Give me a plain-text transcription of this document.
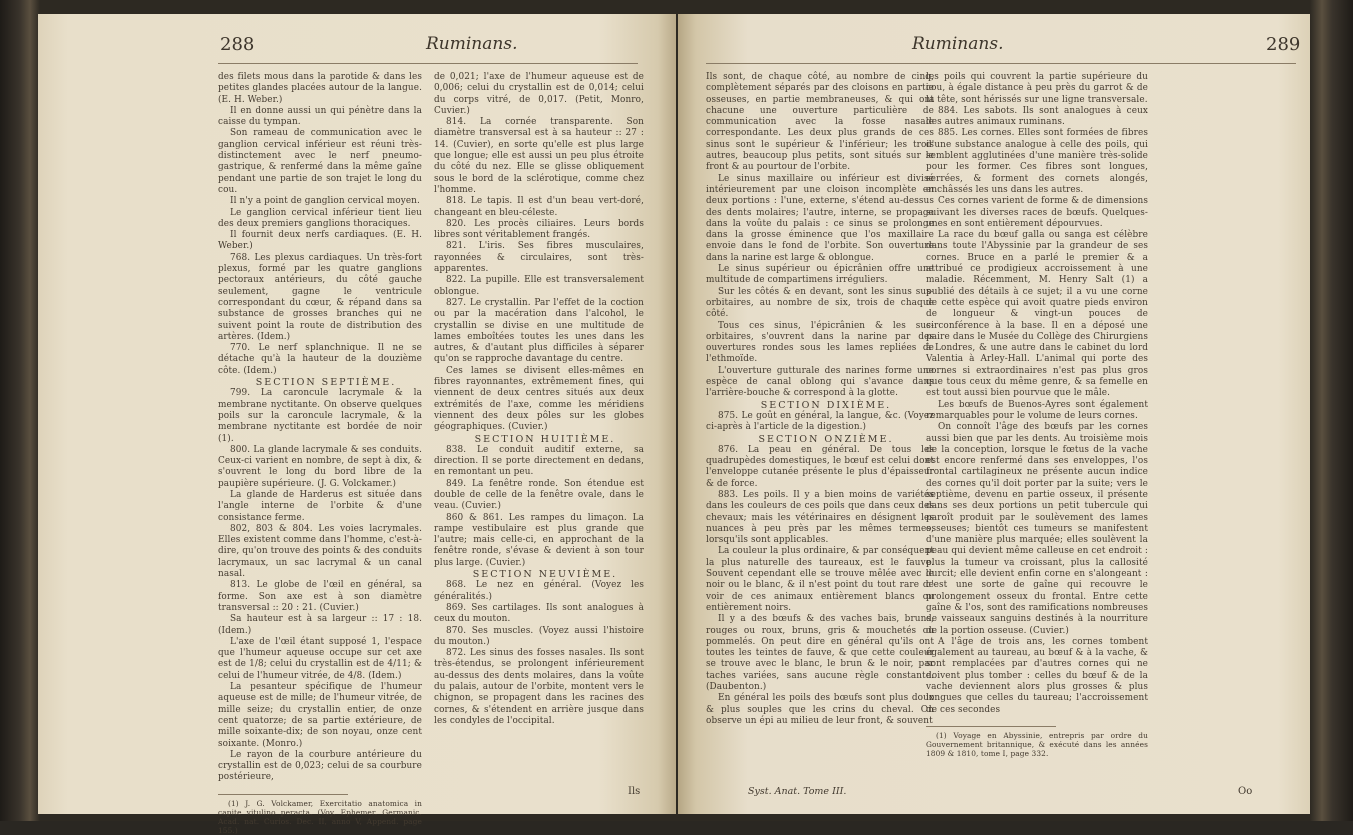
288	Ruminans.

des filets mous dans la parotide & dans les petites glandes placées autour de la langue. (E. H. Weber.)

Il en donne aussi un qui pénètre dans la caisse du tympan.

Son rameau de communication avec le ganglion cervical inférieur est réuni très-distinctement avec le nerf pneumo-gastrique, & renfermé dans la même gaîne pendant une partie de son trajet le long du cou.

Il n'y a point de ganglion cervical moyen.

Le ganglion cervical inférieur tient lieu des deux premiers ganglions thoraciques.

Il fournit deux nerfs cardiaques. (E. H. Weber.)

768. Les plexus cardiaques. Un très-fort plexus, formé par les quatre ganglions pectoraux antérieurs, du côté gauche seulement, gagne le ventricule correspondant du cœur, & répand dans sa substance de grosses branches qui ne suivent point la route de distribution des artères. (Idem.)

770. Le nerf splanchnique. Il ne se détache qu'à la hauteur de la douzième côte. (Idem.)

SECTION SEPTIÈME.

799. La caroncule lacrymale & la membrane nyctitante. On observe quelques poils sur la caroncule lacrymale, & la membrane nyctitante est bordée de noir (1).

800. La glande lacrymale & ses conduits. Ceux-ci varient en nombre, de sept à dix, & s'ouvrent le long du bord libre de la paupière supérieure. (J. G. Volckamer.)

La glande de Harderus est située dans l'angle interne de l'orbite & d'une consistance ferme.

802, 803 & 804. Les voies lacrymales. Elles existent comme dans l'homme, c'est-à-dire, qu'on trouve des points & des conduits lacrymaux, un sac lacrymal & un canal nasal.

813. Le globe de l'œil en général, sa forme. Son axe est à son diamètre transversal :: 20 : 21. (Cuvier.)

Sa hauteur est à sa largeur :: 17 : 18. (Idem.)

L'axe de l'œil étant supposé 1, l'espace que l'humeur aqueuse occupe sur cet axe est de 1/8; celui du crystallin est de 4/11; & celui de l'humeur vitrée, de 4/8. (Idem.)

La pesanteur spécifique de l'humeur aqueuse est de mille; de l'humeur vitrée, de mille seize; du crystallin entier, de onze cent quatorze; de sa partie extérieure, de mille soixante-dix; de son noyau, onze cent soixante. (Monro.)

Le rayon de la courbure antérieure du crystallin est de 0,023; celui de sa courbure postérieure,

(1) J. G. Volckamer, Exercitatio anatomica in capite vitulino peracta. (Voy. Ephemer. Germanic. Acad. nat. Curios. Dec. II, anno V, Append. page 155.)

de 0,021; l'axe de l'humeur aqueuse est de 0,006; celui du crystallin est de 0,014; celui du corps vitré, de 0,017. (Petit, Monro, Cuvier.)

814. La cornée transparente. Son diamètre transversal est à sa hauteur :: 27 : 14. (Cuvier), en sorte qu'elle est plus large que longue; elle est aussi un peu plus étroite du côté du nez. Elle se glisse obliquement sous le bord de la sclérotique, comme chez l'homme.

818. Le tapis. Il est d'un beau vert-doré, changeant en bleu-céleste.

820. Les procès ciliaires. Leurs bords libres sont véritablement frangés.

821. L'iris. Ses fibres musculaires, rayonnées & circulaires, sont très-apparentes.

822. La pupille. Elle est transversalement oblongue.

827. Le crystallin. Par l'effet de la coction ou par la macération dans l'alcohol, le crystallin se divise en une multitude de lames emboîtées toutes les unes dans les autres, & d'autant plus difficiles à séparer qu'on se rapproche davantage du centre.

Ces lames se divisent elles-mêmes en fibres rayonnantes, extrêmement fines, qui viennent de deux centres situés aux deux extrémités de l'axe, comme les méridiens viennent des deux pôles sur les globes géographiques. (Cuvier.)

SECTION HUITIÈME.

838. Le conduit auditif externe, sa direction. Il se porte directement en dedans, en remontant un peu.

849. La fenêtre ronde. Son étendue est double de celle de la fenêtre ovale, dans le veau. (Cuvier.)

860 & 861. Les rampes du limaçon. La rampe vestibulaire est plus grande que l'autre; mais celle-ci, en approchant de la fenêtre ronde, s'évase & devient à son tour plus large. (Cuvier.)

SECTION NEUVIÈME.

868. Le nez en général. (Voyez les généralités.)

869. Ses cartilages. Ils sont analogues à ceux du mouton.

870. Ses muscles. (Voyez aussi l'histoire du mouton.)

872. Les sinus des fosses nasales. Ils sont très-étendus, se prolongent inférieurement au-dessus des dents molaires, dans la voûte du palais, autour de l'orbite, montent vers le chignon, se propagent dans les racines des cornes, & s'étendent en arrière jusque dans les condyles de l'occipital.

Ils
Ruminans.	289

Ils sont, de chaque côté, au nombre de cinq, complètement séparés par des cloisons en partie osseuses, en partie membraneuses, & qui ont chacune une ouverture particulière de communication avec la fosse nasale correspondante. Les deux plus grands de ces sinus sont le supérieur & l'inférieur; les trois autres, beaucoup plus petits, sont situés sur le front & au pourtour de l'orbite.

Le sinus maxillaire ou inférieur est divisé intérieurement par une cloison incomplète en deux portions : l'une, externe, s'étend au-dessus des dents molaires; l'autre, interne, se propage dans la voûte du palais : ce sinus se prolonge dans la grosse éminence que l'os maxillaire envoie dans le fond de l'orbite. Son ouverture dans la narine est large & oblongue.

Le sinus supérieur ou épicrânien offre une multitude de compartimens irréguliers.

Sur les côtés & en devant, sont les sinus sus-orbitaires, au nombre de six, trois de chaque côté.

Tous ces sinus, l'épicrânien & les sus-orbitaires, s'ouvrent dans la narine par des ouvertures rondes sous les lames repliées de l'ethmoïde.

L'ouverture gutturale des narines forme une espèce de canal oblong qui s'avance dans l'arrière-bouche & correspond à la glotte.

SECTION DIXIÈME.

875. Le goût en général, la langue, &c. (Voyez ci-après à l'article de la digestion.)

SECTION ONZIÈME.

876. La peau en général. De tous les quadrupèdes domestiques, le bœuf est celui dont l'enveloppe cutanée présente le plus d'épaisseur & de force.

883. Les poils. Il y a bien moins de variétés dans les couleurs de ces poils que dans ceux des chevaux; mais les vétérinaires en désignent les nuances à peu près par les mêmes termes, lorsqu'ils sont applicables.

La couleur la plus ordinaire, & par conséquent la plus naturelle des taureaux, est le fauve. Souvent cependant elle se trouve mêlée avec le noir ou le blanc, & il n'est point du tout rare de voir de ces animaux entièrement blancs ou entièrement noirs.

Il y a des bœufs & des vaches bais, bruns, rouges ou roux, bruns, gris & mouchetés ou pommelés. On peut dire en général qu'ils ont toutes les teintes de fauve, & que cette couleur se trouve avec le blanc, le brun & le noir, par taches variées, sans aucune règle constante. (Daubenton.)

En général les poils des bœufs sont plus doux & plus souples que les crins du cheval. On observe un épi au milieu de leur front, & souvent

les poils qui couvrent la partie supérieure du cou, à égale distance à peu près du garrot & de la tête, sont hérissés sur une ligne transversale.

884. Les sabots. Ils sont analogues à ceux des autres animaux ruminans.

885. Les cornes. Elles sont formées de fibres d'une substance analogue à celle des poils, qui semblent agglutinées d'une manière très-solide pour les former. Ces fibres sont longues, serrées, & forment des cornets alongés, enchâssés les uns dans les autres.

Ces cornes varient de forme & de dimensions suivant les diverses races de bœufs. Quelques-unes en sont entièrement dépourvues.

La race du bœuf galla ou sanga est célèbre dans toute l'Abyssinie par la grandeur de ses cornes. Bruce en a parlé le premier & a attribué ce prodigieux accroissement à une maladie. Récemment, M. Henry Salt (1) a publié des détails à ce sujet; il a vu une corne de cette espèce qui avoit quatre pieds environ de longueur & vingt-un pouces de circonférence à la base. Il en a déposé une paire dans le Musée du Collège des Chirurgiens à Londres, & une autre dans le cabinet du lord Valentia à Arley-Hall. L'animal qui porte des cornes si extraordinaires n'est pas plus gros que tous ceux du même genre, & sa femelle en est tout aussi bien pourvue que le mâle.

Les bœufs de Buenos-Ayres sont également remarquables pour le volume de leurs cornes.

On connoît l'âge des bœufs par les cornes aussi bien que par les dents. Au troisième mois de la conception, lorsque le fœtus de la vache est encore renfermé dans ses enveloppes, l'os frontal cartilagineux ne présente aucun indice des cornes qu'il doit porter par la suite; vers le septième, devenu en partie osseux, il présente dans ses deux portions un petit tubercule qui paroît produit par le soulèvement des lames osseuses; bientôt ces tumeurs se manifestent d'une manière plus marquée; elles soulèvent la peau qui devient même calleuse en cet endroit : plus la tumeur va croissant, plus la callosité durcit; elle devient enfin corne en s'alongeant : c'est une sorte de gaîne qui recouvre le prolongement osseux du frontal. Entre cette gaîne & l'os, sont des ramifications nombreuses de vaisseaux sanguins destinés à la nourriture de la portion osseuse. (Cuvier.)

A l'âge de trois ans, les cornes tombent également au taureau, au bœuf & à la vache, & sont remplacées par d'autres cornes qui ne doivent plus tomber : celles du bœuf & de la vache deviennent alors plus grosses & plus longues que celles du taureau; l'accroissement de ces secondes

(1) Voyage en Abyssinie, entrepris par ordre du Gouvernement britannique, & exécuté dans les années 1809 & 1810, tome I, page 332.

Syst. Anat. Tome III.	Oo
